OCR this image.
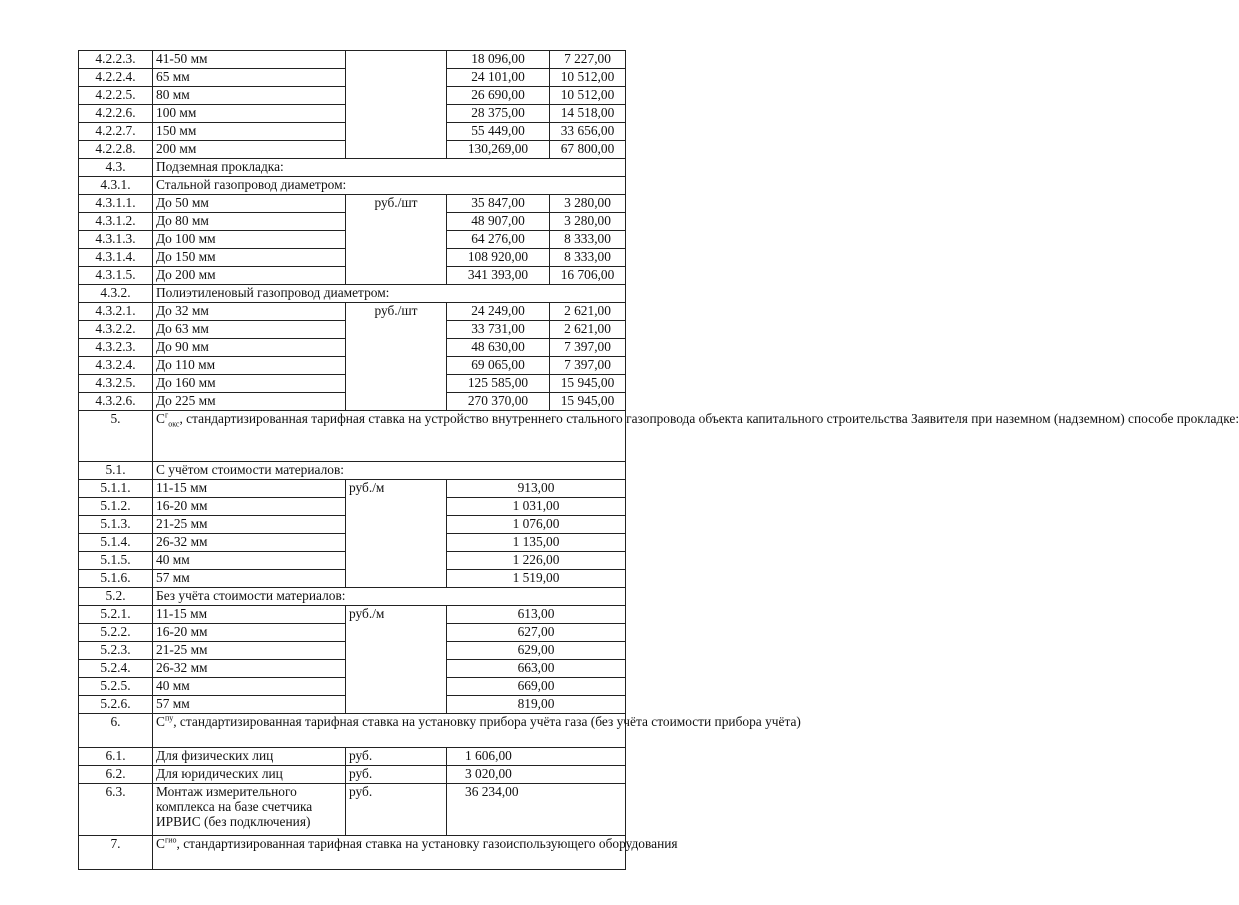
4.2.2.3.	41-50 мм		18 096,00	7 227,00
4.2.2.4.	65 мм		24 101,00	10 512,00
4.2.2.5.	80 мм		26 690,00	10 512,00
4.2.2.6.	100 мм		28 375,00	14 518,00
4.2.2.7.	150 мм		55 449,00	33 656,00
4.2.2.8.	200 мм		130,269,00	67 800,00
4.3.	Подземная прокладка:			
4.3.1.	Стальной газопровод диаметром:			
4.3.1.1.	До 50 мм	руб./шт	35 847,00	3 280,00
4.3.1.2.	До 80 мм		48 907,00	3 280,00
4.3.1.3.	До 100 мм		64 276,00	8 333,00
4.3.1.4.	До 150 мм		108 920,00	8 333,00
4.3.1.5.	До 200 мм		341 393,00	16 706,00
4.3.2.	Полиэтиленовый газопровод диаметром:			
4.3.2.1.	До 32 мм	руб./шт	24 249,00	2 621,00
4.3.2.2.	До 63 мм		33 731,00	2 621,00
4.3.2.3.	До 90 мм		48 630,00	7 397,00
4.3.2.4.	До 110 мм		69 065,00	7 397,00
4.3.2.5.	До 160 мм		125 585,00	15 945,00
4.3.2.6.	До 225 мм		270 370,00	15 945,00
5.	$С^г_{окс}$, стандартизированная тарифная ставка на устройство внутреннего стального газопровода объекта капитального строительства Заявителя при наземном (надземном) способе прокладке:			
5.1.	С учётом стоимости материалов:			
5.1.1.	11-15 мм	руб./м	913,00	
5.1.2.	16-20 мм		1 031,00	
5.1.3.	21-25 мм		1 076,00	
5.1.4.	26-32 мм		1 135,00	
5.1.5.	40 мм		1 226,00	
5.1.6.	57 мм		1 519,00	
5.2.	Без учёта стоимости материалов:			
5.2.1.	11-15 мм	руб./м	613,00	
5.2.2.	16-20 мм		627,00	
5.2.3.	21-25 мм		629,00	
5.2.4.	26-32 мм		663,00	
5.2.5.	40 мм		669,00	
5.2.6.	57 мм		819,00	
6.	$С^{пу}$, стандартизированная тарифная ставка на установку прибора учёта газа (без учёта стоимости прибора учёта)			
6.1.	Для физических лиц	руб.	1 606,00	
6.2.	Для юридических лиц	руб.	3 020,00	
6.3.	Монтаж измерительного комплекса на базе счетчика ИРВИС (без подключения)	руб.	36 234,00	
7.	$С^{гио}$, стандартизированная тарифная ставка на установку газоиспользующего оборудования			
